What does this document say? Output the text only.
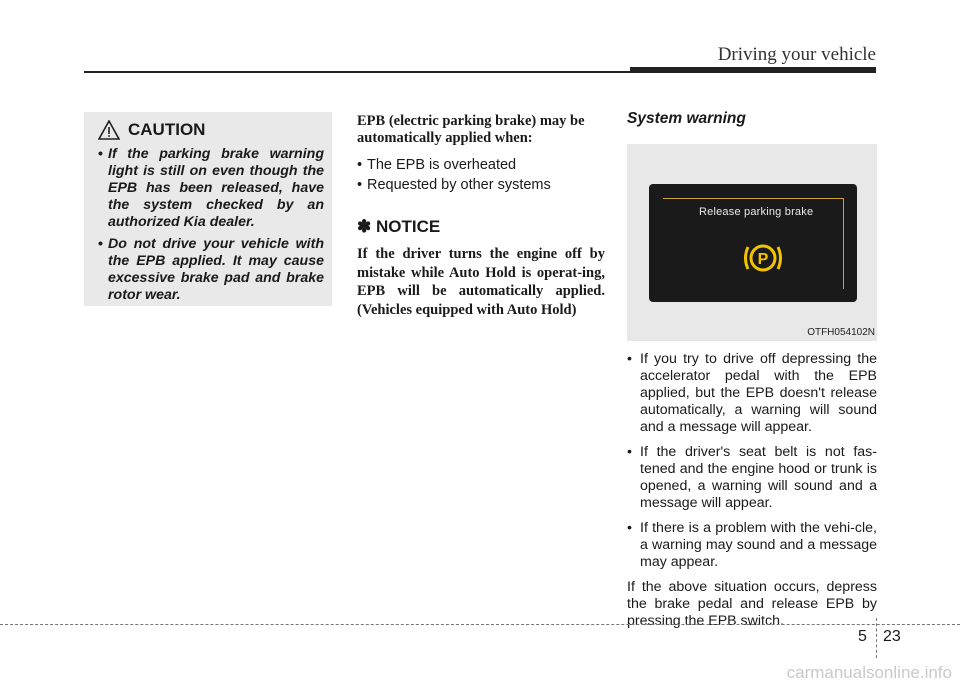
Driving your vehicle
CAUTION
• If the parking brake warning light is still on even though the EPB has been released, have the system checked by an authorized Kia dealer.
• Do not drive your vehicle with the EPB applied. It may cause excessive brake pad and brake rotor wear.

EPB (electric parking brake) may be automatically applied when:

• The EPB is overheated
• Requested by other systems
✽ NOTICE

If the driver turns the engine off by mistake while Auto Hold is operat-ing, EPB will be automatically applied. (Vehicles equipped with Auto Hold)

System warning
Release parking brake
P
OTFH054102N
• If you try to drive off depressing the accelerator pedal with the EPB applied, but the EPB doesn't release automatically, a warning will sound and a message will appear.
• If the driver's seat belt is not fas-tened and the engine hood or trunk is opened, a warning will sound and a message will appear.
• If there is a problem with the vehi-cle, a warning may sound and a message may appear.

If the above situation occurs, depress the brake pedal and release EPB by pressing the EPB switch.

5 23
carmanualsonline.info
